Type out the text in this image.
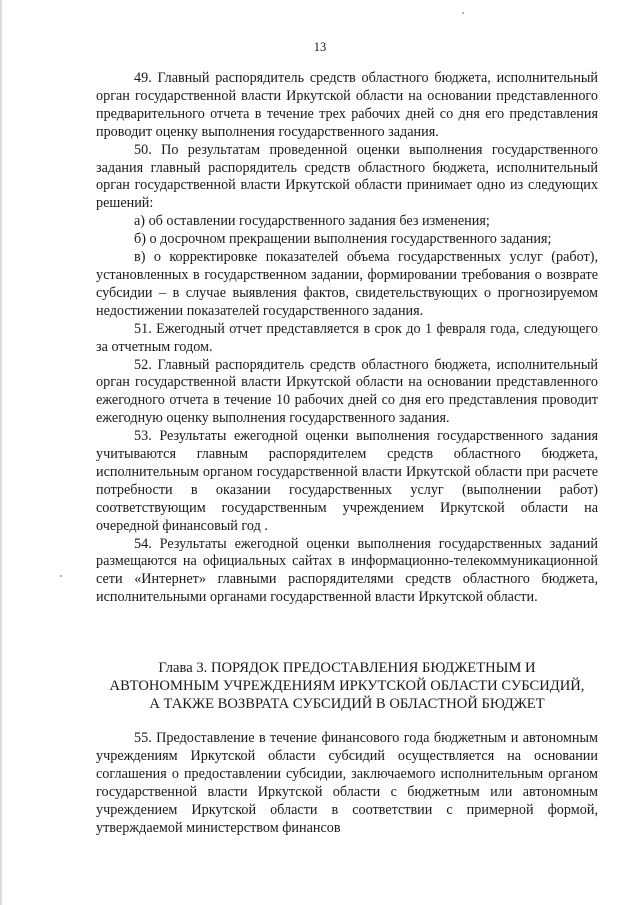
13

49. Главный распорядитель средств областного бюджета, исполнительный орган государственной власти Иркутской области на основании представленного предварительного отчета в течение трех рабочих дней со дня его представления проводит оценку выполнения государственного задания.

50. По результатам проведенной оценки выполнения государственного задания главный распорядитель средств областного бюджета, исполнительный орган государственной власти Иркутской области принимает одно из следующих решений:

а) об оставлении государственного задания без изменения;

б) о досрочном прекращении выполнения государственного задания;

в) о корректировке показателей объема государственных услуг (работ), установленных в государственном задании, формировании требования о возврате субсидии – в случае выявления фактов, свидетельствующих о прогнозируемом недостижении показателей государственного задания.

51. Ежегодный отчет представляется в срок до 1 февраля года, следующего за отчетным годом.

52. Главный распорядитель средств областного бюджета, исполнительный орган государственной власти Иркутской области на основании представленного ежегодного отчета в течение 10 рабочих дней со дня его представления проводит ежегодную оценку выполнения государственного задания.

53. Результаты ежегодной оценки выполнения государственного задания учитываются главным распорядителем средств областного бюджета, исполнительным органом государственной власти Иркутской области при расчете потребности в оказании государственных услуг (выполнении работ) соответствующим государственным учреждением Иркутской области на очередной финансовый год .

54. Результаты ежегодной оценки выполнения государственных заданий размещаются на официальных сайтах в информационно-телекоммуникационной сети «Интернет» главными распорядителями средств областного бюджета, исполнительными органами государственной власти Иркутской области.

Глава 3. ПОРЯДОК ПРЕДОСТАВЛЕНИЯ БЮДЖЕТНЫМ И
АВТОНОМНЫМ УЧРЕЖДЕНИЯМ ИРКУТСКОЙ ОБЛАСТИ СУБСИДИЙ,
А ТАКЖЕ ВОЗВРАТА СУБСИДИЙ В ОБЛАСТНОЙ БЮДЖЕТ

55. Предоставление в течение финансового года бюджетным и автономным учреждениям Иркутской области субсидий осуществляется на основании соглашения о предоставлении субсидии, заключаемого исполнительным органом государственной власти Иркутской области с бюджетным или автономным учреждением Иркутской области в соответствии с примерной формой, утверждаемой министерством финансов
